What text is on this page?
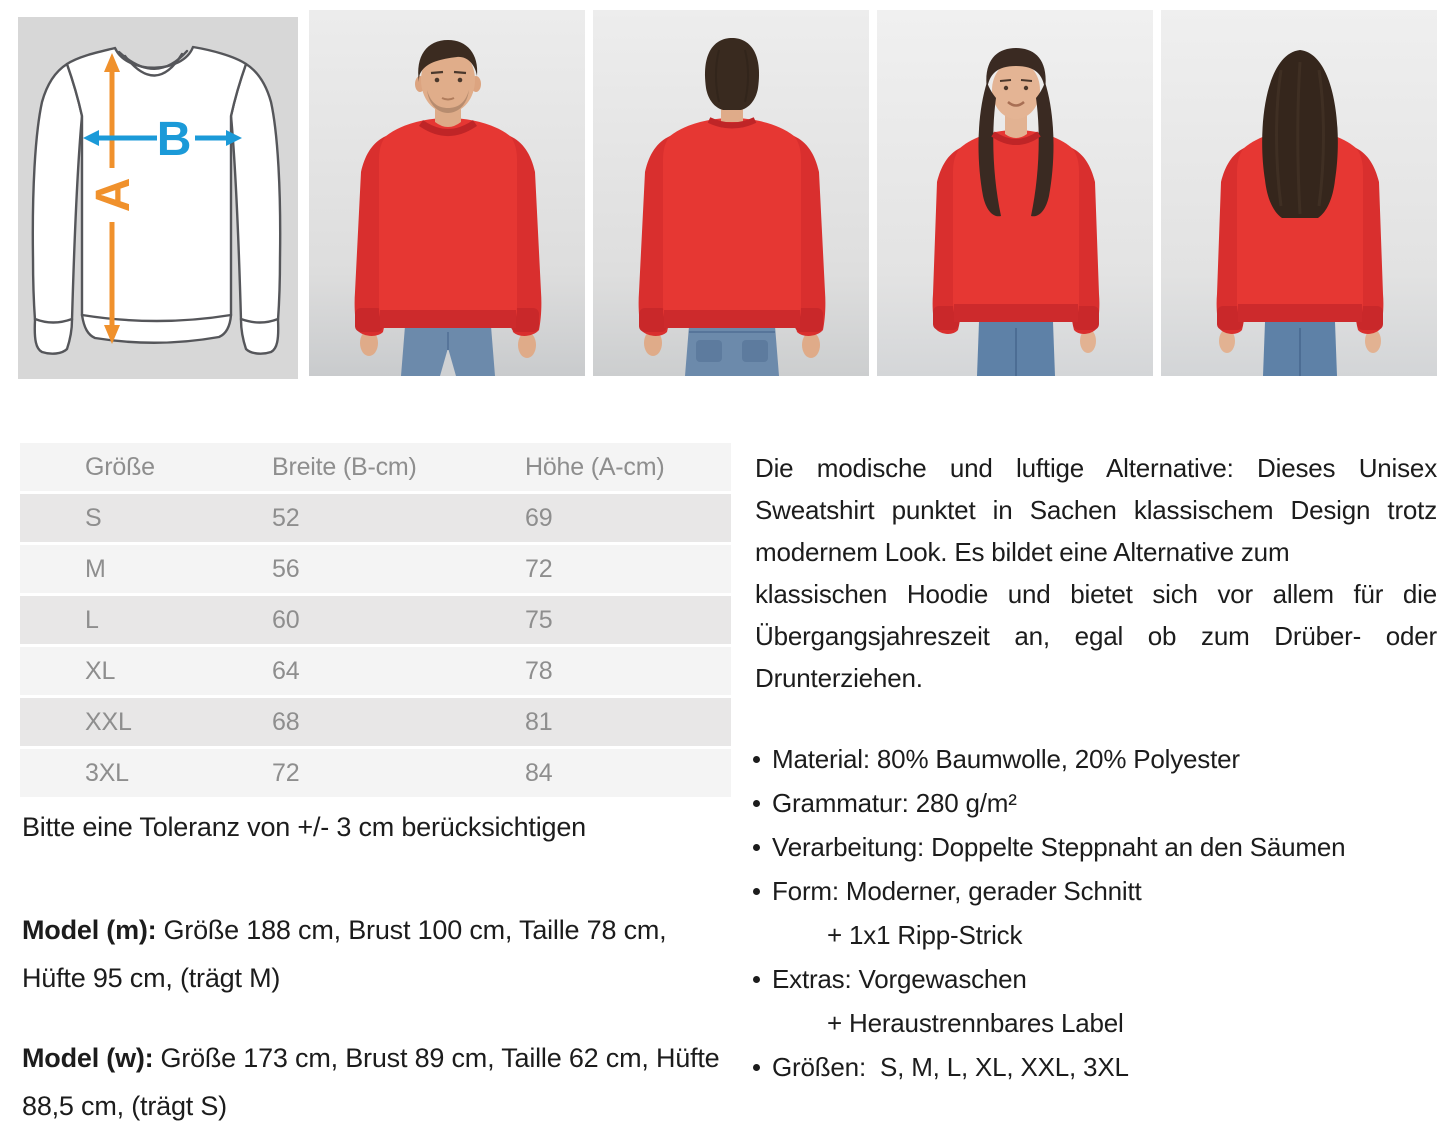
A
B
Größe	Breite (B-cm)	Höhe (A-cm)
S	52	69
M	56	72
L	60	75
XL	64	78
XXL	68	81
3XL	72	84

Bitte eine Toleranz von +/- 3 cm berücksichtigen

Model (m): Größe 188 cm, Brust 100 cm, Taille 78 cm, Hüfte 95 cm, (trägt M)

Model (w): Größe 173 cm, Brust 89 cm, Taille 62 cm, Hüfte 88,5 cm, (trägt S)

Die modische und luftige Alternative: Dieses Unisex Sweatshirt punktet in Sachen klassischem Design trotz modernem Look. Es bildet eine Alternative zum

klassischen Hoodie und bietet sich vor allem für die Übergangsjahreszeit an, egal ob zum Drüber- oder Drunterziehen.

Material: 80% Baumwolle, 20% Polyester
Grammatur: 280 g/m²
Verarbeitung: Doppelte Steppnaht an den Säumen
Form: Moderner, gerader Schnitt
+ 1x1 Ripp-Strick
Extras: Vorgewaschen
+ Heraustrennbares Label
Größen:  S, M, L, XL, XXL, 3XL
